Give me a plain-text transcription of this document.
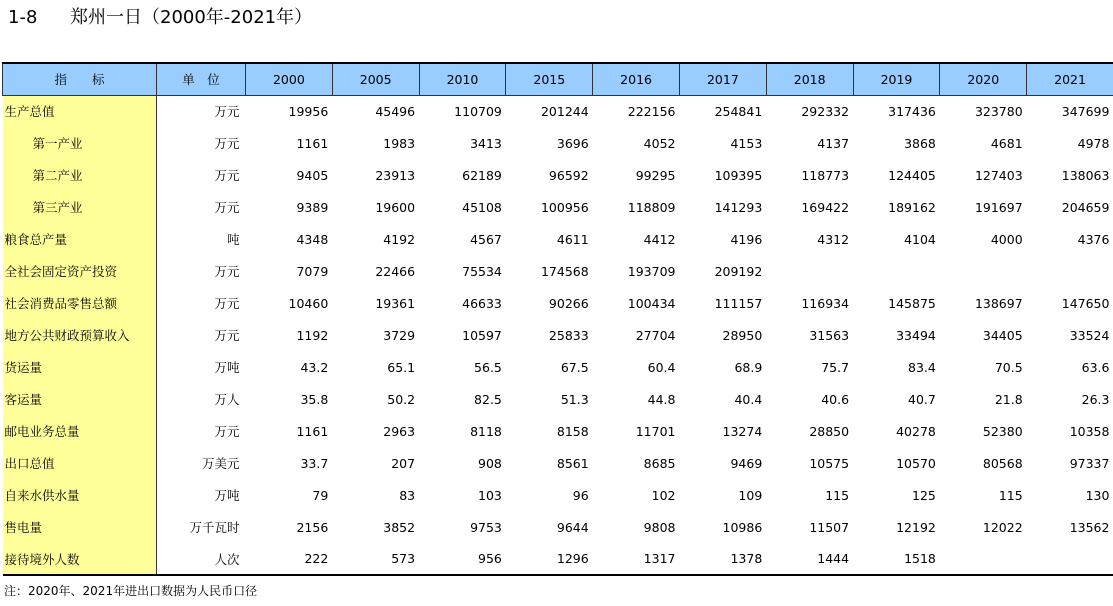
1-8 郑州一日（2000年-2021年）
指　　标	单　位	2000	2005	2010	2015	2016	2017	2018	2019	2020	2021
生产总值	万元	19956	45496	110709	201244	222156	254841	292332	317436	323780	347699
第一产业	万元	1161	1983	3413	3696	4052	4153	4137	3868	4681	4978
第二产业	万元	9405	23913	62189	96592	99295	109395	118773	124405	127403	138063
第三产业	万元	9389	19600	45108	100956	118809	141293	169422	189162	191697	204659
粮食总产量	吨	4348	4192	4567	4611	4412	4196	4312	4104	4000	4376
全社会固定资产投资	万元	7079	22466	75534	174568	193709	209192				
社会消费品零售总额	万元	10460	19361	46633	90266	100434	111157	116934	145875	138697	147650
地方公共财政预算收入	万元	1192	3729	10597	25833	27704	28950	31563	33494	34405	33524
货运量	万吨	43.2	65.1	56.5	67.5	60.4	68.9	75.7	83.4	70.5	63.6
客运量	万人	35.8	50.2	82.5	51.3	44.8	40.4	40.6	40.7	21.8	26.3
邮电业务总量	万元	1161	2963	8118	8158	11701	13274	28850	40278	52380	10358
出口总值	万美元	33.7	207	908	8561	8685	9469	10575	10570	80568	97337
自来水供水量	万吨	79	83	103	96	102	109	115	125	115	130
售电量	万千瓦时	2156	3852	9753	9644	9808	10986	11507	12192	12022	13562
接待境外人数	人次	222	573	956	1296	1317	1378	1444	1518		
注：2020年、2021年进出口数据为人民币口径
